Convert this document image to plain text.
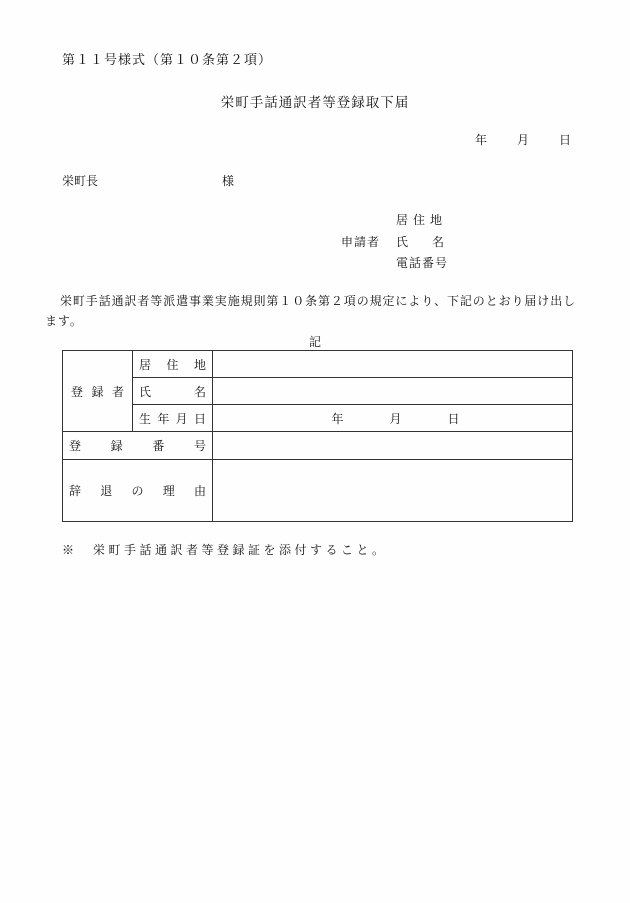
第１１号様式（第１０条第２項）
栄町手話通訳者等登録取下届
年	月	日
栄町長	様
申請者
居住地
氏　　名
電話番号
栄町手話通訳者等派遣事業実施規則第１０条第２項の規定により、下記のとおり届け出します。
記
登 録 者	居 住 地	

	氏 名	

	生 年 月 日	年 月 日

登 録 番 号		

辞 退 の 理 由		

※　栄町手話通訳者等登録証を添付すること。
